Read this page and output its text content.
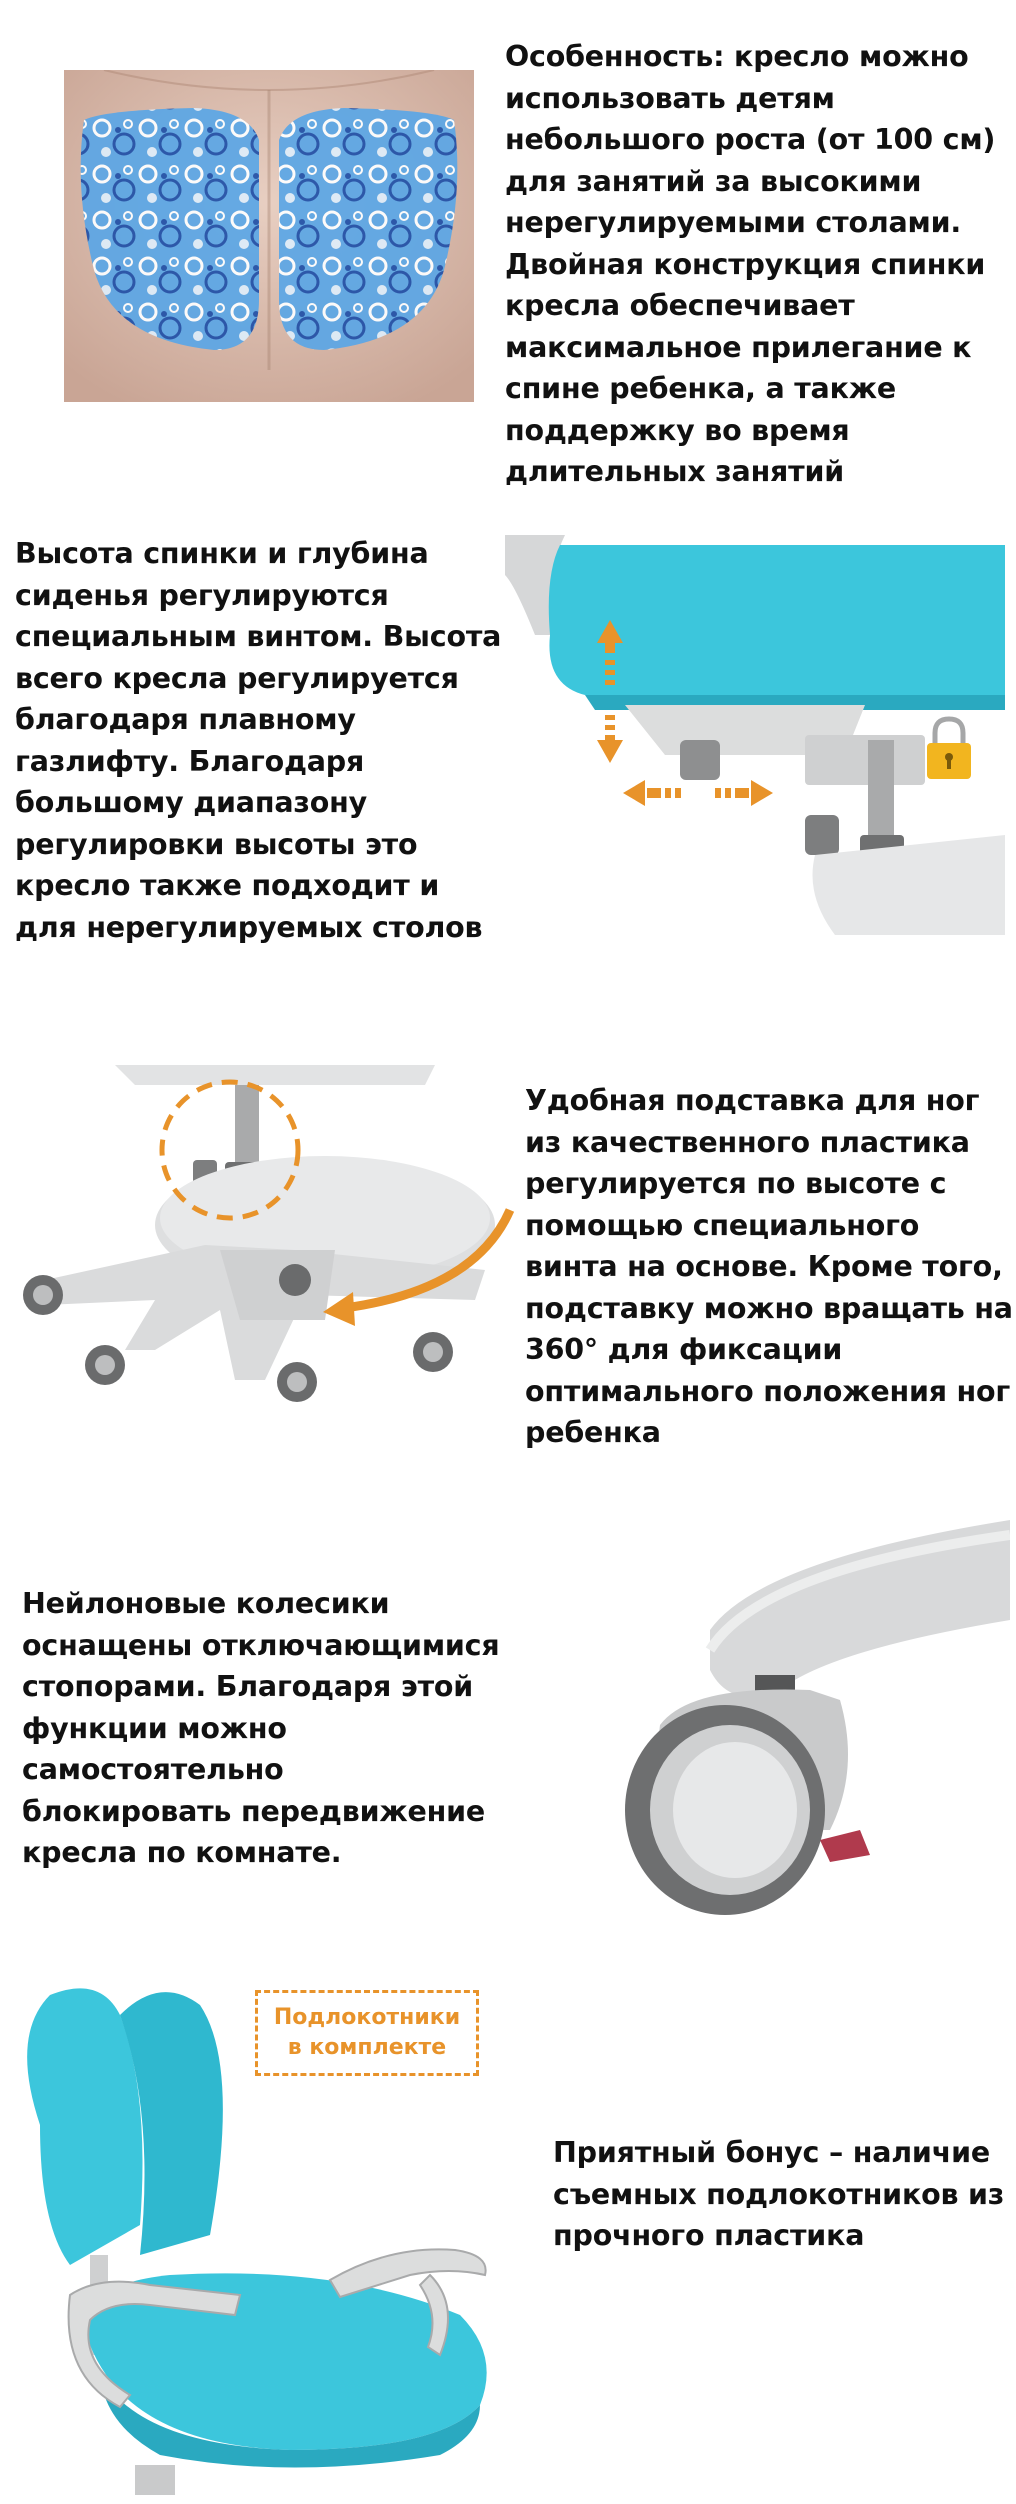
Особенность: кресло можно использовать детям небольшого роста (от 100 см) для занятий за высокими нерегулируемыми столами. Двойная конструкция спинки кресла обеспечивает максимальное прилегание к спине ребенка, а также поддержку во время длительных занятий
Высота спинки и глубина сиденья регулируются специальным винтом. Высота всего кресла регулируется благодаря плавному газлифту. Благодаря большому диапазону регулировки высоты это кресло также подходит и для нерегулируемых столов
Удобная подставка для ног из качественного пластика регулируется по высоте с помощью специального винта на основе. Кроме того, подставку можно вращать на 360° для фиксации оптимального положения ног ребенка
Нейлоновые колесики оснащены отключающимися стопорами. Благодаря этой функции можно самостоятельно блокировать передвижение кресла по комнате.
Подлокотники в комплекте
Приятный бонус – наличие съемных подлокотников из прочного пластика
